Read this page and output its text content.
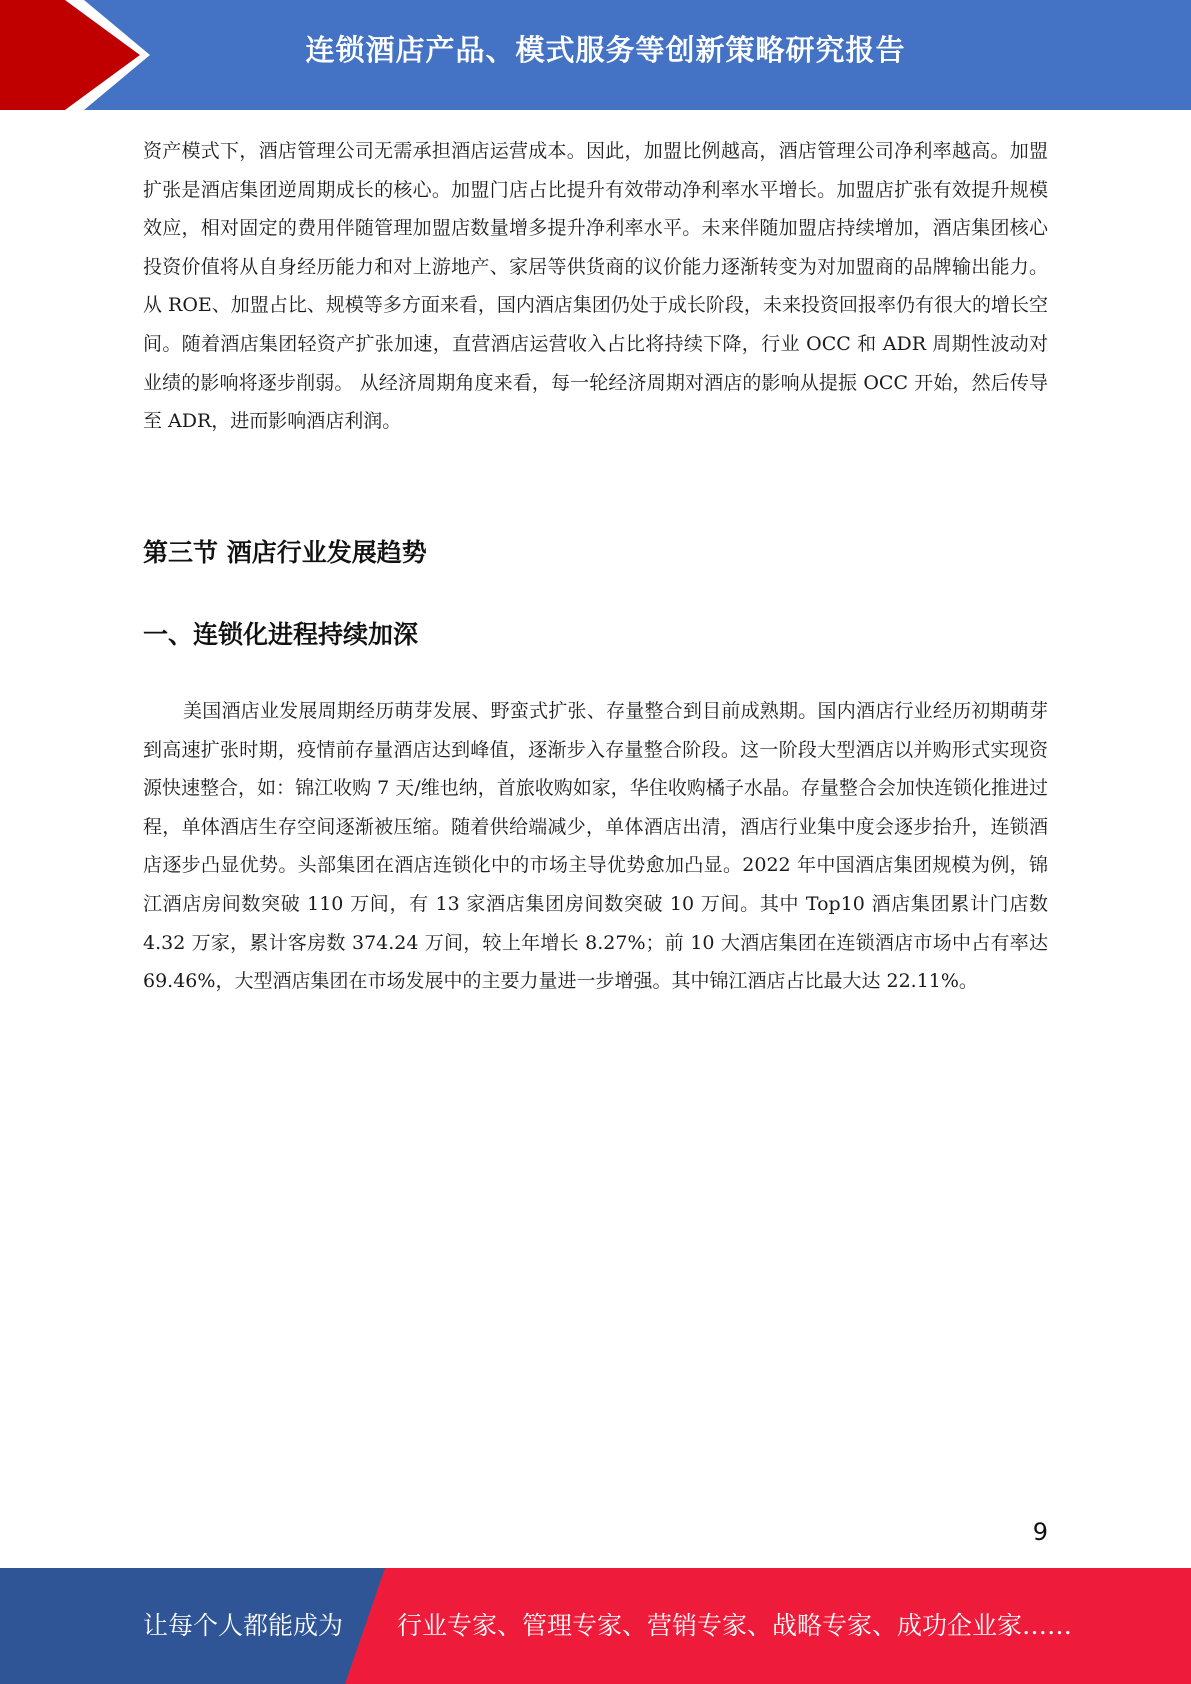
连锁酒店产品、模式服务等创新策略研究报告

资产模式下，酒店管理公司无需承担酒店运营成本。因此，加盟比例越高，酒店管理公司净利率越高。加盟扩张是酒店集团逆周期成长的核心。加盟门店占比提升有效带动净利率水平增长。加盟店扩张有效提升规模效应，相对固定的费用伴随管理加盟店数量增多提升净利率水平。未来伴随加盟店持续增加，酒店集团核心投资价值将从自身经历能力和对上游地产、家居等供货商的议价能力逐渐转变为对加盟商的品牌输出能力。 从 ROE、加盟占比、规模等多方面来看，国内酒店集团仍处于成长阶段，未来投资回报率仍有很大的增长空间。随着酒店集团轻资产扩张加速，直营酒店运营收入占比将持续下降，行业 OCC 和 ADR 周期性波动对业绩的影响将逐步削弱。 从经济周期角度来看，每一轮经济周期对酒店的影响从提振 OCC 开始，然后传导至 ADR，进而影响酒店利润。

第三节 酒店行业发展趋势
一、连锁化进程持续加深

美国酒店业发展周期经历萌芽发展、野蛮式扩张、存量整合到目前成熟期。国内酒店行业经历初期萌芽到高速扩张时期，疫情前存量酒店达到峰值，逐渐步入存量整合阶段。这一阶段大型酒店以并购形式实现资源快速整合，如：锦江收购 7 天/维也纳，首旅收购如家，华住收购橘子水晶。存量整合会加快连锁化推进过程，单体酒店生存空间逐渐被压缩。随着供给端减少，单体酒店出清，酒店行业集中度会逐步抬升，连锁酒店逐步凸显优势。头部集团在酒店连锁化中的市场主导优势愈加凸显。2022 年中国酒店集团规模为例，锦江酒店房间数突破 110 万间，有 13 家酒店集团房间数突破 10 万间。其中 Top10 酒店集团累计门店数 4.32 万家，累计客房数 374.24 万间，较上年增长 8.27%；前 10 大酒店集团在连锁酒店市场中占有率达 69.46%，大型酒店集团在市场发展中的主要力量进一步增强。其中锦江酒店占比最大达 22.11%。

9
让每个人都能成为 行业专家、管理专家、营销专家、战略专家、成功企业家……
